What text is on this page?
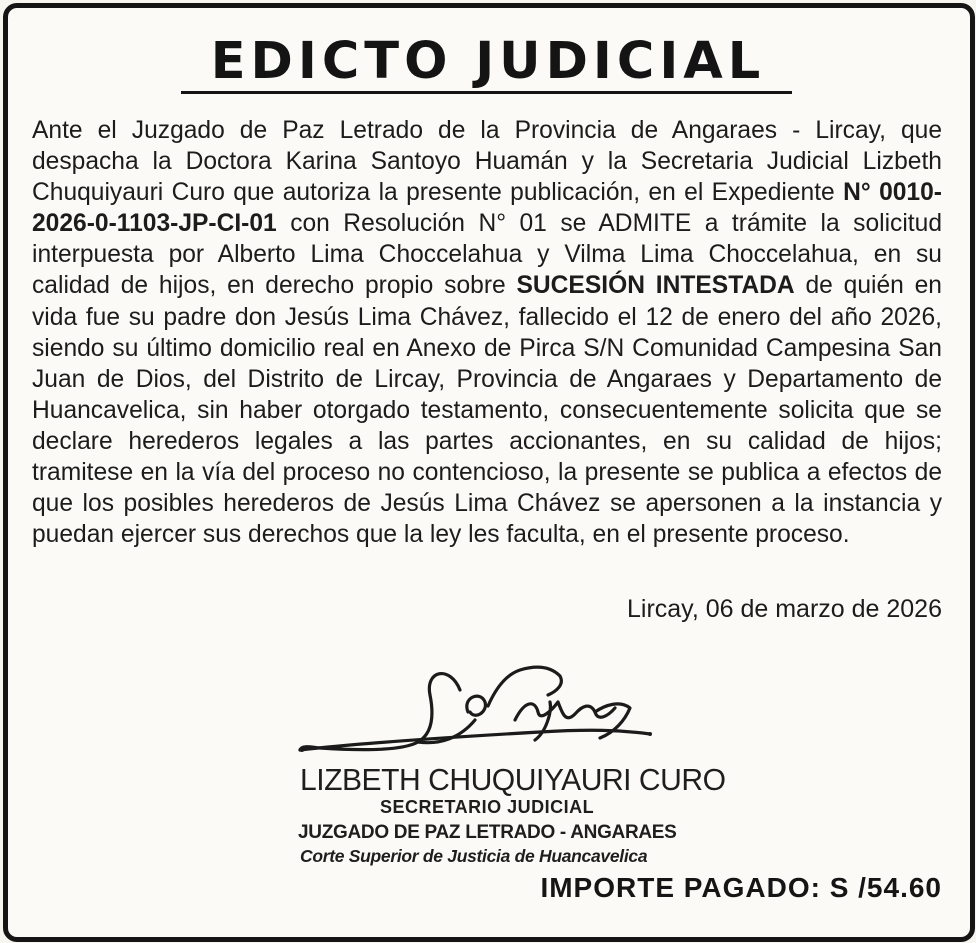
EDICTO JUDICIAL
Ante el Juzgado de Paz Letrado de la Provincia de Angaraes - Lircay, que despacha la Doctora Karina Santoyo Huamán y la Secretaria Judicial Lizbeth Chuquiyauri Curo que autoriza la presente publicación, en el Expediente N° 0010-2026-0-1103-JP-CI-01 con Resolución N° 01 se ADMITE a trámite la solicitud interpuesta por Alberto Lima Choccelahua y Vilma Lima Choccelahua, en su calidad de hijos, en derecho propio sobre SUCESIÓN INTESTADA de quién en vida fue su padre don Jesús Lima Chávez, fallecido el 12 de enero del año 2026, siendo su último domicilio real en Anexo de Pirca S/N Comunidad Campesina San Juan de Dios, del Distrito de Lircay, Provincia de Angaraes y Departamento de Huancavelica, sin haber otorgado testamento, consecuentemente solicita que se declare herederos legales a las partes accionantes, en su calidad de hijos; tramitese en la vía del proceso no contencioso, la presente se publica a efectos de que los posibles herederos de Jesús Lima Chávez se apersonen a la instancia y puedan ejercer sus derechos que la ley les faculta, en el presente proceso.
Lircay, 06 de marzo de 2026
LIZBETH CHUQUIYAURI CURO
SECRETARIO JUDICIAL
JUZGADO DE PAZ LETRADO - ANGARAES
Corte Superior de Justicia de Huancavelica
IMPORTE PAGADO: S /54.60
